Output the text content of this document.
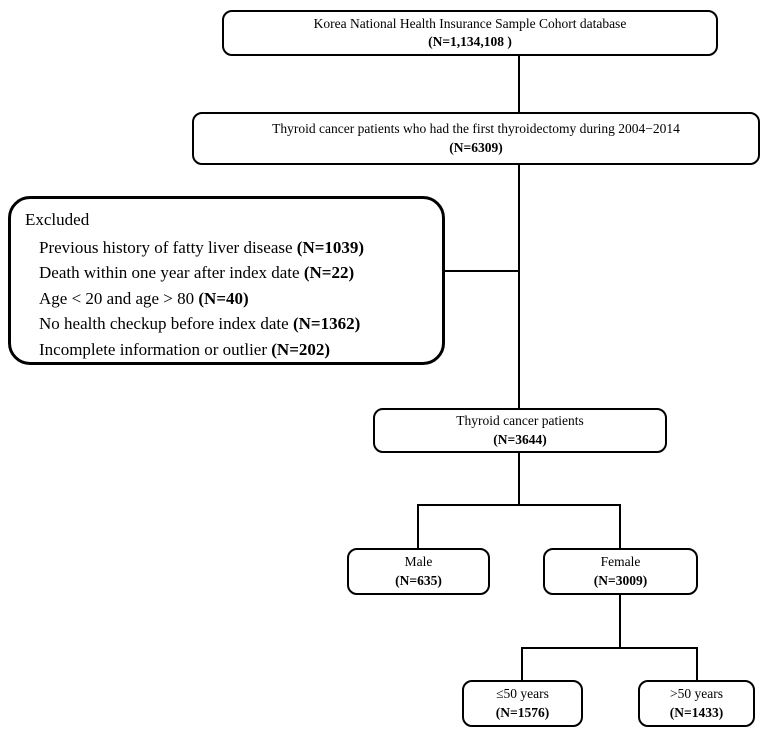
Korea National Health Insurance Sample Cohort database
(N=1,134,108 )
Thyroid cancer patients who had the first thyroidectomy during 2004−2014
(N=6309)
Excluded
Previous history of fatty liver disease (N=1039)
Death within one year after index date (N=22)
Age < 20 and age > 80 (N=40)
No health checkup before index date (N=1362)
Incomplete information or outlier (N=202)
Thyroid cancer patients
(N=3644)
Male
(N=635)
Female
(N=3009)
≤50 years
(N=1576)
>50 years
(N=1433)
